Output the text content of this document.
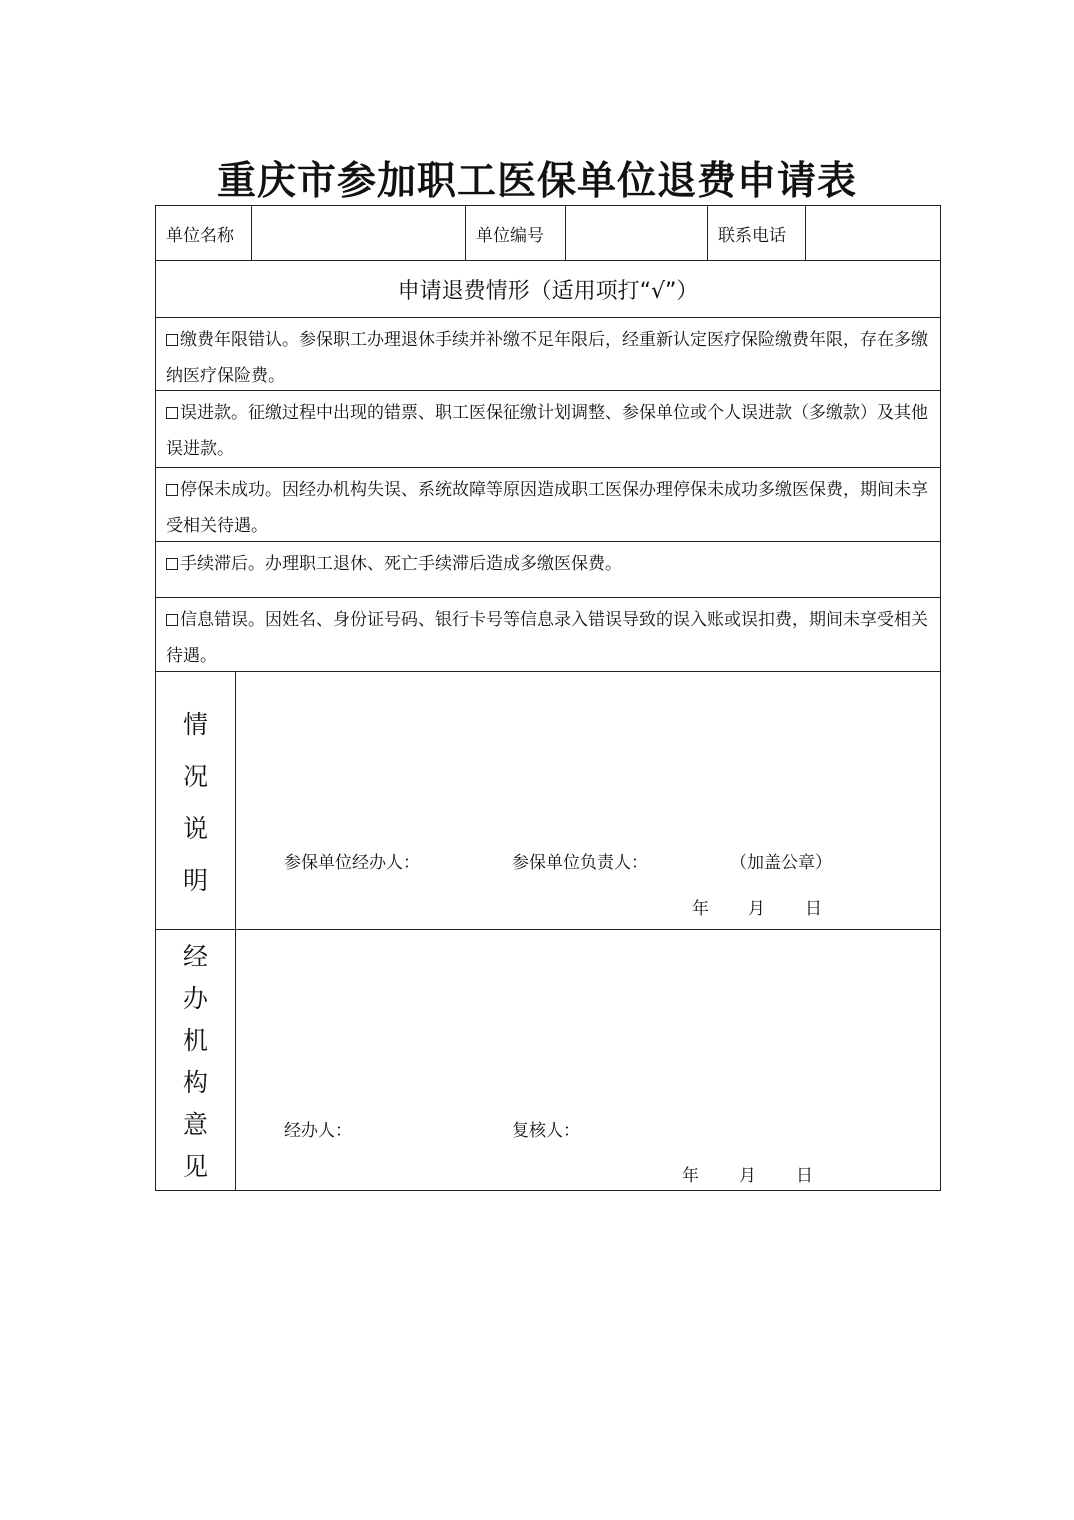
重庆市参加职工医保单位退费申请表
单位名称	单位编号	联系电话
申请退费情形（适用项打“√”）
缴费年限错认。参保职工办理退休手续并补缴不足年限后，经重新认定医疗保险缴费年限，存在多缴纳医疗保险费。
误进款。征缴过程中出现的错票、职工医保征缴计划调整、参保单位或个人误进款（多缴款）及其他误进款。
停保未成功。因经办机构失误、系统故障等原因造成职工医保办理停保未成功多缴医保费，期间未享受相关待遇。
手续滞后。办理职工退休、死亡手续滞后造成多缴医保费。
信息错误。因姓名、身份证号码、银行卡号等信息录入错误导致的误入账或误扣费，期间未享受相关待遇。
情
况
说
明
参保单位经办人：	参保单位负责人：	（加盖公章）
年 月 日
经
办
机
构
意
见
经办人：	复核人：
年 月 日
